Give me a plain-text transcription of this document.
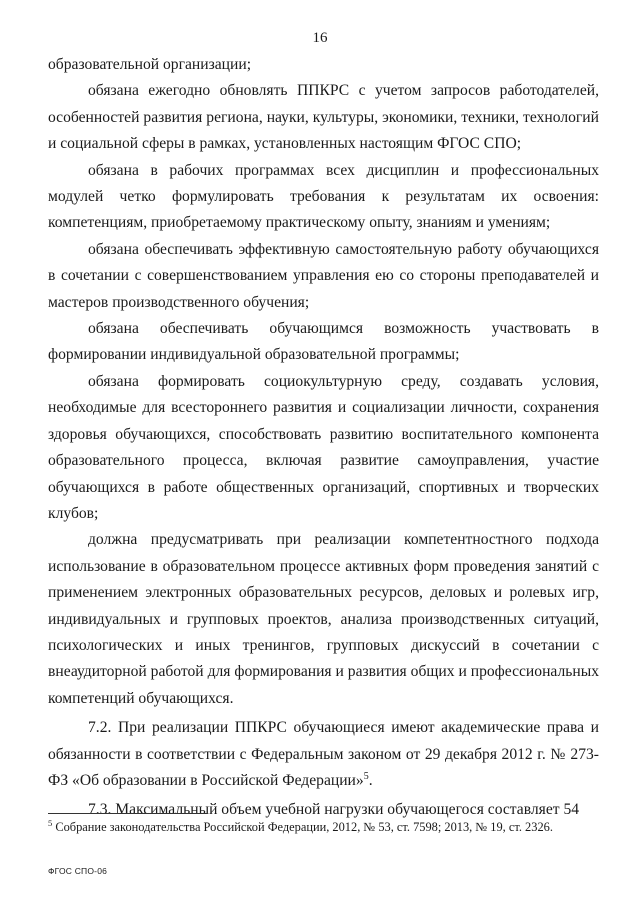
16

образовательной организации;

обязана ежегодно обновлять ППКРС с учетом запросов работодателей, особенностей развития региона, науки, культуры, экономики, техники, технологий и социальной сферы в рамках, установленных настоящим ФГОС СПО;

обязана в рабочих программах всех дисциплин и профессиональных модулей четко формулировать требования к результатам их освоения: компетенциям, приобретаемому практическому опыту, знаниям и умениям;

обязана обеспечивать эффективную самостоятельную работу обучающихся в сочетании с совершенствованием управления ею со стороны преподавателей и мастеров производственного обучения;

обязана обеспечивать обучающимся возможность участвовать в формировании индивидуальной образовательной программы;

обязана формировать социокультурную среду, создавать условия, необходимые для всестороннего развития и социализации личности, сохранения здоровья обучающихся, способствовать развитию воспитательного компонента образовательного процесса, включая развитие самоуправления, участие обучающихся в работе общественных организаций, спортивных и творческих клубов;

должна предусматривать при реализации компетентностного подхода использование в образовательном процессе активных форм проведения занятий с применением электронных образовательных ресурсов, деловых и ролевых игр, индивидуальных и групповых проектов, анализа производственных ситуаций, психологических и иных тренингов, групповых дискуссий в сочетании с внеаудиторной работой для формирования и развития общих и профессиональных компетенций обучающихся.

7.2. При реализации ППКРС обучающиеся имеют академические права и обязанности в соответствии с Федеральным законом от 29 декабря 2012 г. № 273-ФЗ «Об образовании в Российской Федерации»$^5$.

7.3. Максимальный объем учебной нагрузки обучающегося составляет 54

$^5$ Собрание законодательства Российской Федерации, 2012, № 53, ст. 7598; 2013, № 19, ст. 2326.
ФГОС СПО-06
